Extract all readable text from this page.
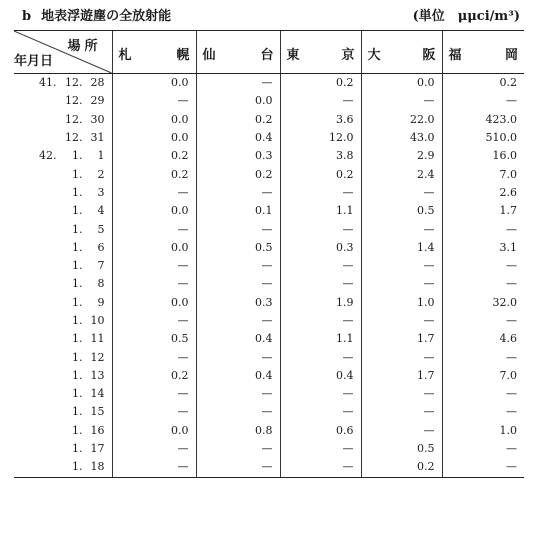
b 地表浮遊塵の全放射能	(単位　μμci/m³)
場所
年月日	札 幌	仙 台	東 京	大 阪	福 岡

41. 12. 28	0.0	—	0.2	0.0	0.2
12. 29	—	0.0	—	—	—
12. 30	0.0	0.2	3.6	22.0	423.0
12. 31	0.0	0.4	12.0	43.0	510.0
42. 1. 1	0.2	0.3	3.8	2.9	16.0
1. 2	0.2	0.2	0.2	2.4	7.0
1. 3	—	—	—	—	2.6
1. 4	0.0	0.1	1.1	0.5	1.7
1. 5	—	—	—	—	—
1. 6	0.0	0.5	0.3	1.4	3.1
1. 7	—	—	—	—	—
1. 8	—	—	—	—	—
1. 9	0.0	0.3	1.9	1.0	32.0
1. 10	—	—	—	—	—
1. 11	0.5	0.4	1.1	1.7	4.6
1. 12	—	—	—	—	—
1. 13	0.2	0.4	0.4	1.7	7.0
1. 14	—	—	—	—	—
1. 15	—	—	—	—	—
1. 16	0.0	0.8	0.6	—	1.0
1. 17	—	—	—	0.5	—
1. 18	—	—	—	0.2	—
